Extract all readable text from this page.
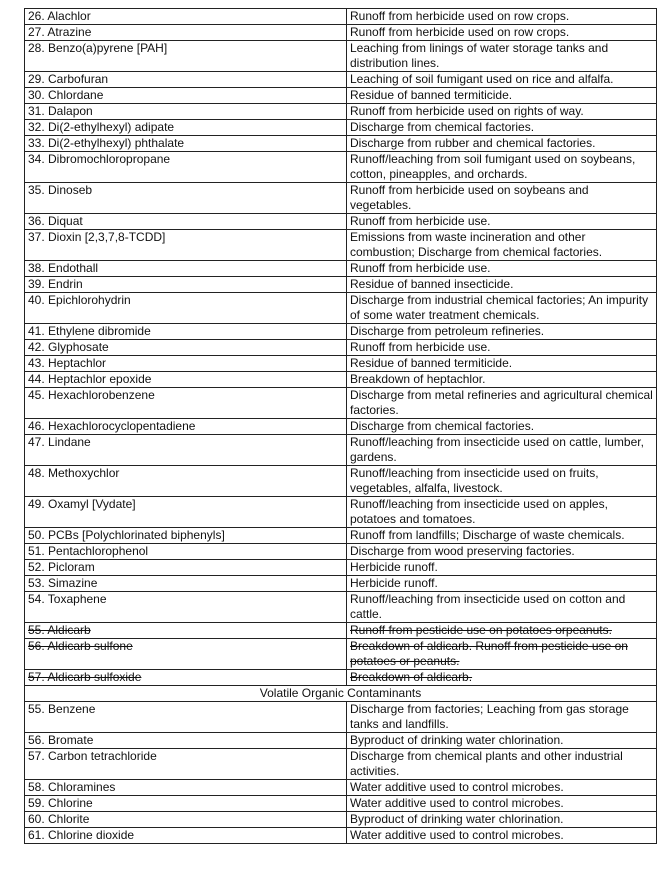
26. Alachlor	Runoff from herbicide used on row crops.
27. Atrazine	Runoff from herbicide used on row crops.
28. Benzo(a)pyrene [PAH]	Leaching from linings of water storage tanks and distribution lines.
29. Carbofuran	Leaching of soil fumigant used on rice and alfalfa.
30. Chlordane	Residue of banned termiticide.
31. Dalapon	Runoff from herbicide used on rights of way.
32. Di(2-ethylhexyl) adipate	Discharge from chemical factories.
33. Di(2-ethylhexyl) phthalate	Discharge from rubber and chemical factories.
34. Dibromochloropropane	Runoff/leaching from soil fumigant used on soybeans, cotton, pineapples, and orchards.
35. Dinoseb	Runoff from herbicide used on soybeans and vegetables.
36. Diquat	Runoff from herbicide use.
37. Dioxin [2,3,7,8-TCDD]	Emissions from waste incineration and other combustion; Discharge from chemical factories.
38. Endothall	Runoff from herbicide use.
39. Endrin	Residue of banned insecticide.
40. Epichlorohydrin	Discharge from industrial chemical factories; An impurity of some water treatment chemicals.
41. Ethylene dibromide	Discharge from petroleum refineries.
42. Glyphosate	Runoff from herbicide use.
43. Heptachlor	Residue of banned termiticide.
44. Heptachlor epoxide	Breakdown of heptachlor.
45. Hexachlorobenzene	Discharge from metal refineries and agricultural chemical factories.
46. Hexachlorocyclopentadiene	Discharge from chemical factories.
47. Lindane	Runoff/leaching from insecticide used on cattle, lumber, gardens.
48. Methoxychlor	Runoff/leaching from insecticide used on fruits, vegetables, alfalfa, livestock.
49. Oxamyl [Vydate]	Runoff/leaching from insecticide used on apples, potatoes and tomatoes.
50. PCBs [Polychlorinated biphenyls]	Runoff from landfills; Discharge of waste chemicals.
51. Pentachlorophenol	Discharge from wood preserving factories.
52. Picloram	Herbicide runoff.
53. Simazine	Herbicide runoff.
54. Toxaphene	Runoff/leaching from insecticide used on cotton and cattle.
55. Aldicarb	Runoff from pesticide use on potatoes orpeanuts.
56. Aldicarb sulfone	Breakdown of aldicarb. Runoff from pesticide use on potatoes or peanuts.
57. Aldicarb sulfoxide	Breakdown of aldicarb.
Volatile Organic Contaminants	
55. Benzene	Discharge from factories; Leaching from gas storage tanks and landfills.
56. Bromate	Byproduct of drinking water chlorination.
57. Carbon tetrachloride	Discharge from chemical plants and other industrial activities.
58. Chloramines	Water additive used to control microbes.
59. Chlorine	Water additive used to control microbes.
60. Chlorite	Byproduct of drinking water chlorination.
61. Chlorine dioxide	Water additive used to control microbes.
